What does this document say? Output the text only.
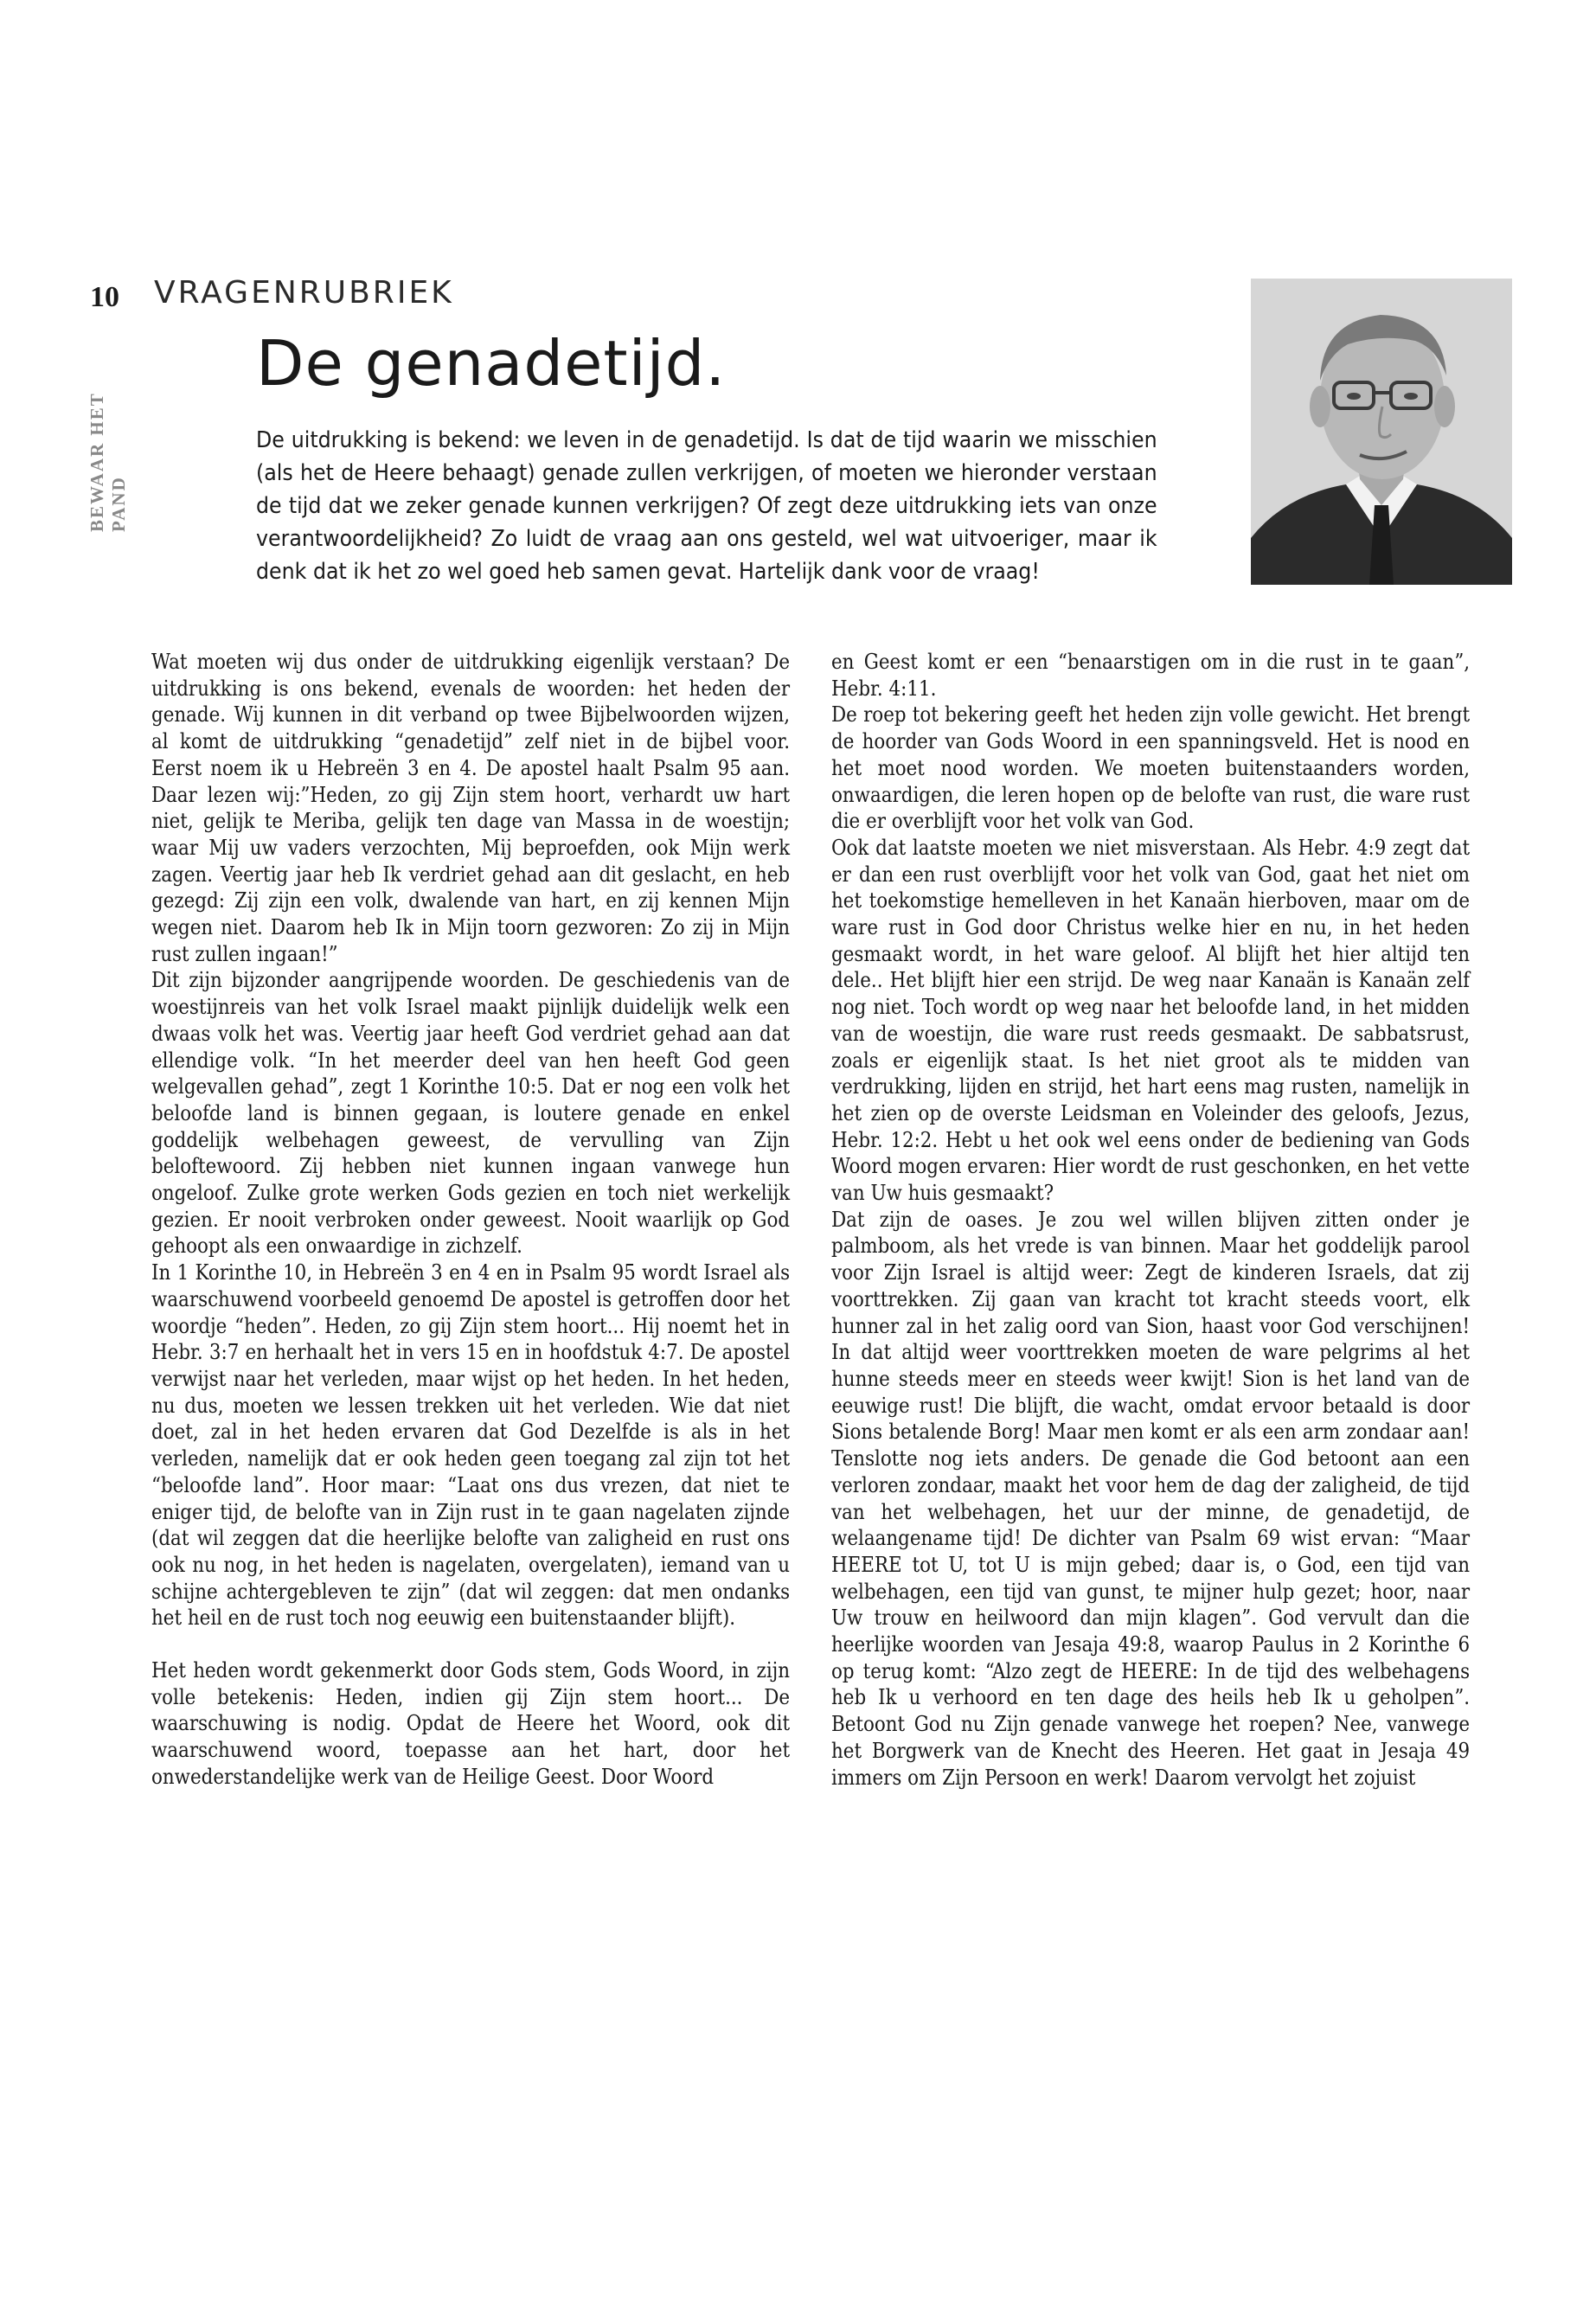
10 VRAGENRUBRIEK
BEWAAR HET PAND
De genadetijd.
De uitdrukking is bekend: we leven in de genadetijd. Is dat de tijd waarin we misschien (als het de Heere behaagt) genade zullen verkrijgen, of moeten we hieronder verstaan de tijd dat we zeker genade kunnen verkrijgen? Of zegt deze uitdrukking iets van onze verantwoordelijkheid? Zo luidt de vraag aan ons gesteld, wel wat uitvoeriger, maar ik denk dat ik het zo wel goed heb samen gevat. Hartelijk dank voor de vraag!

Wat moeten wij dus onder de uitdrukking eigenlijk verstaan? De uitdrukking is ons bekend, evenals de woorden: het heden der genade. Wij kunnen in dit verband op twee Bijbelwoorden wijzen, al komt de uitdrukking “genadetijd” zelf niet in de bijbel voor. Eerst noem ik u Hebreën 3 en 4. De apostel haalt Psalm 95 aan. Daar lezen wij:”Heden, zo gij Zijn stem hoort, verhardt uw hart niet, gelijk te Meriba, gelijk ten dage van Massa in de woestijn; waar Mij uw vaders verzochten, Mij beproefden, ook Mijn werk zagen. Veertig jaar heb Ik verdriet gehad aan dit geslacht, en heb gezegd: Zij zijn een volk, dwalende van hart, en zij kennen Mijn wegen niet. Daarom heb Ik in Mijn toorn gezworen: Zo zij in Mijn rust zullen ingaan!”

Dit zijn bijzonder aangrijpende woorden. De geschiedenis van de woestijnreis van het volk Israel maakt pijnlijk duidelijk welk een dwaas volk het was. Veertig jaar heeft God verdriet gehad aan dat ellendige volk. “In het meerder deel van hen heeft God geen welgevallen gehad”, zegt 1 Korinthe 10:5. Dat er nog een volk het beloofde land is binnen gegaan, is loutere genade en enkel goddelijk welbehagen geweest, de vervulling van Zijn beloftewoord. Zij hebben niet kunnen ingaan vanwege hun ongeloof. Zulke grote werken Gods gezien en toch niet werkelijk gezien. Er nooit verbroken onder geweest. Nooit waarlijk op God gehoopt als een onwaardige in zichzelf.

In 1 Korinthe 10, in Hebreën 3 en 4 en in Psalm 95 wordt Israel als waarschuwend voorbeeld genoemd De apostel is getroffen door het woordje “heden”. Heden, zo gij Zijn stem hoort... Hij noemt het in Hebr. 3:7 en herhaalt het in vers 15 en in hoofdstuk 4:7. De apostel verwijst naar het verleden, maar wijst op het heden. In het heden, nu dus, moeten we lessen trekken uit het verleden. Wie dat niet doet, zal in het heden ervaren dat God Dezelfde is als in het verleden, namelijk dat er ook heden geen toegang zal zijn tot het “beloofde land”. Hoor maar: “Laat ons dus vrezen, dat niet te eniger tijd, de belofte van in Zijn rust in te gaan nagelaten zijnde (dat wil zeggen dat die heerlijke belofte van zaligheid en rust ons ook nu nog, in het heden is nagelaten, overgelaten), iemand van u schijne achtergebleven te zijn” (dat wil zeggen: dat men ondanks het heil en de rust toch nog eeuwig een buitenstaander blijft).

Het heden wordt gekenmerkt door Gods stem, Gods Woord, in zijn volle betekenis: Heden, indien gij Zijn stem hoort... De waarschuwing is nodig. Opdat de Heere het Woord, ook dit waarschuwend woord, toepasse aan het hart, door het onwederstandelijke werk van de Heilige Geest. Door Woord

en Geest komt er een “benaarstigen om in die rust in te gaan”, Hebr. 4:11.

De roep tot bekering geeft het heden zijn volle gewicht. Het brengt de hoorder van Gods Woord in een spanningsveld. Het is nood en het moet nood worden. We moeten buitenstaanders worden, onwaardigen, die leren hopen op de belofte van rust, die ware rust die er overblijft voor het volk van God.

Ook dat laatste moeten we niet misverstaan. Als Hebr. 4:9 zegt dat er dan een rust overblijft voor het volk van God, gaat het niet om het toekomstige hemelleven in het Kanaän hierboven, maar om de ware rust in God door Christus welke hier en nu, in het heden gesmaakt wordt, in het ware geloof. Al blijft het hier altijd ten dele.. Het blijft hier een strijd. De weg naar Kanaän is Kanaän zelf nog niet. Toch wordt op weg naar het beloofde land, in het midden van de woestijn, die ware rust reeds gesmaakt. De sabbatsrust, zoals er eigenlijk staat. Is het niet groot als te midden van verdrukking, lijden en strijd, het hart eens mag rusten, namelijk in het zien op de overste Leidsman en Voleinder des geloofs, Jezus, Hebr. 12:2. Hebt u het ook wel eens onder de bediening van Gods Woord mogen ervaren: Hier wordt de rust geschonken, en het vette van Uw huis gesmaakt?

Dat zijn de oases. Je zou wel willen blijven zitten onder je palmboom, als het vrede is van binnen. Maar het goddelijk parool voor Zijn Israel is altijd weer: Zegt de kinderen Israels, dat zij voorttrekken. Zij gaan van kracht tot kracht steeds voort, elk hunner zal in het zalig oord van Sion, haast voor God verschijnen! In dat altijd weer voorttrekken moeten de ware pelgrims al het hunne steeds meer en steeds weer kwijt! Sion is het land van de eeuwige rust! Die blijft, die wacht, omdat ervoor betaald is door Sions betalende Borg! Maar men komt er als een arm zondaar aan! Tenslotte nog iets anders. De genade die God betoont aan een verloren zondaar, maakt het voor hem de dag der zaligheid, de tijd van het welbehagen, het uur der minne, de genadetijd, de welaangename tijd! De dichter van Psalm 69 wist ervan: “Maar HEERE tot U, tot U is mijn gebed; daar is, o God, een tijd van welbehagen, een tijd van gunst, te mijner hulp gezet; hoor, naar Uw trouw en heilwoord dan mijn klagen”. God vervult dan die heerlijke woorden van Jesaja 49:8, waarop Paulus in 2 Korinthe 6 op terug komt: “Alzo zegt de HEERE: In de tijd des welbehagens heb Ik u verhoord en ten dage des heils heb Ik u geholpen”. Betoont God nu Zijn genade vanwege het roepen? Nee, vanwege het Borgwerk van de Knecht des Heeren. Het gaat in Jesaja 49 immers om Zijn Persoon en werk! Daarom vervolgt het zojuist
